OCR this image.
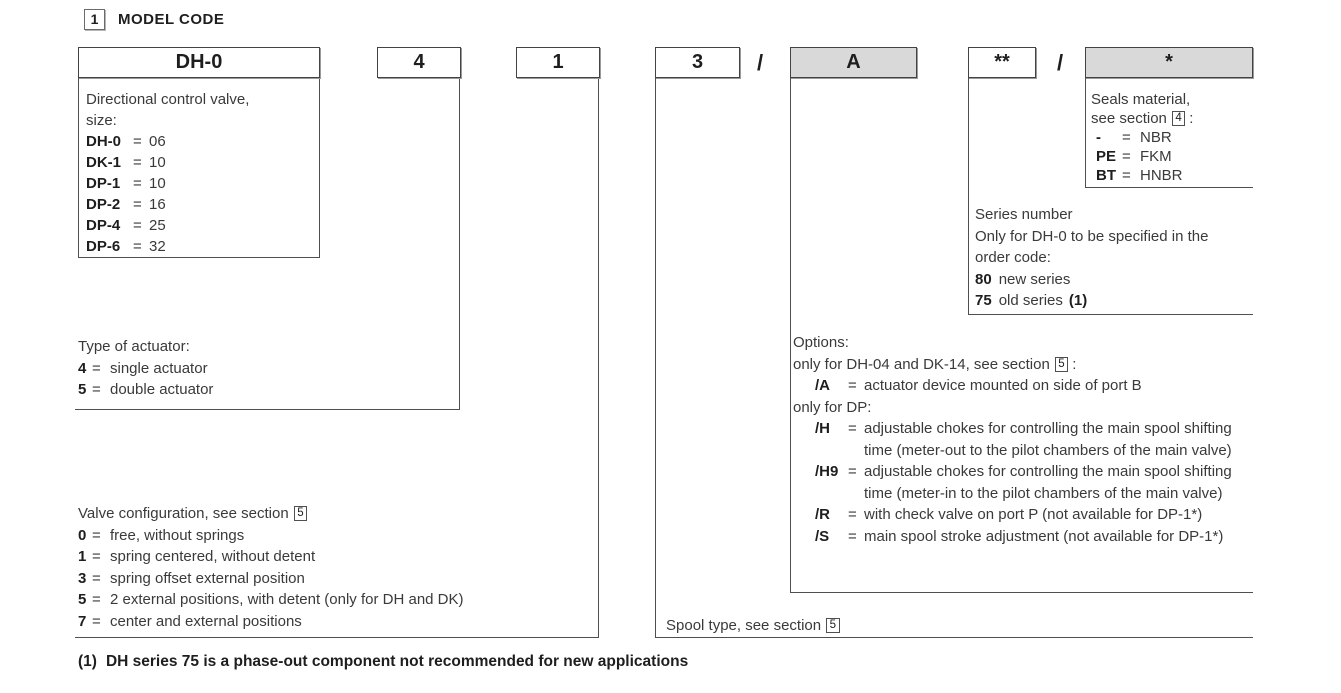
1	MODEL CODE
DH-0	4	1	3	/	A	**	/	*
Directional control valve,
size:
DH-0 = 06
DK-1 = 10
DP-1 = 10
DP-2 = 16
DP-4 = 25
DP-6 = 32
Type of actuator:
4 = single actuator
5 = double actuator
Valve configuration, see section 5
0 = free, without springs
1 = spring centered, without detent
3 = spring offset external position
5 = 2 external positions, with detent (only for DH and DK)
7 = center and external positions	Spool type, see section 5
Options:
only for DH-04 and DK-14, see section 5 :
/A	= actuator device mounted on side of port B
only for DP:
/H	= adjustable chokes for controlling the main spool shifting time (meter-out to the pilot chambers of the main valve)
/H9 = adjustable chokes for controlling the main spool shifting time (meter-in to the pilot chambers of the main valve)
/R	= with check valve on port P (not available for DP-1*)
/S	= main spool stroke adjustment (not available for DP-1*)
Series number
Only for DH-0 to be specified in the
order code:
80 new series
75 old series (1)
Seals material,
see section 4 :
-	= NBR
PE = FKM
BT = HNBR
(1) DH series 75 is a phase-out component not recommended for new applications
